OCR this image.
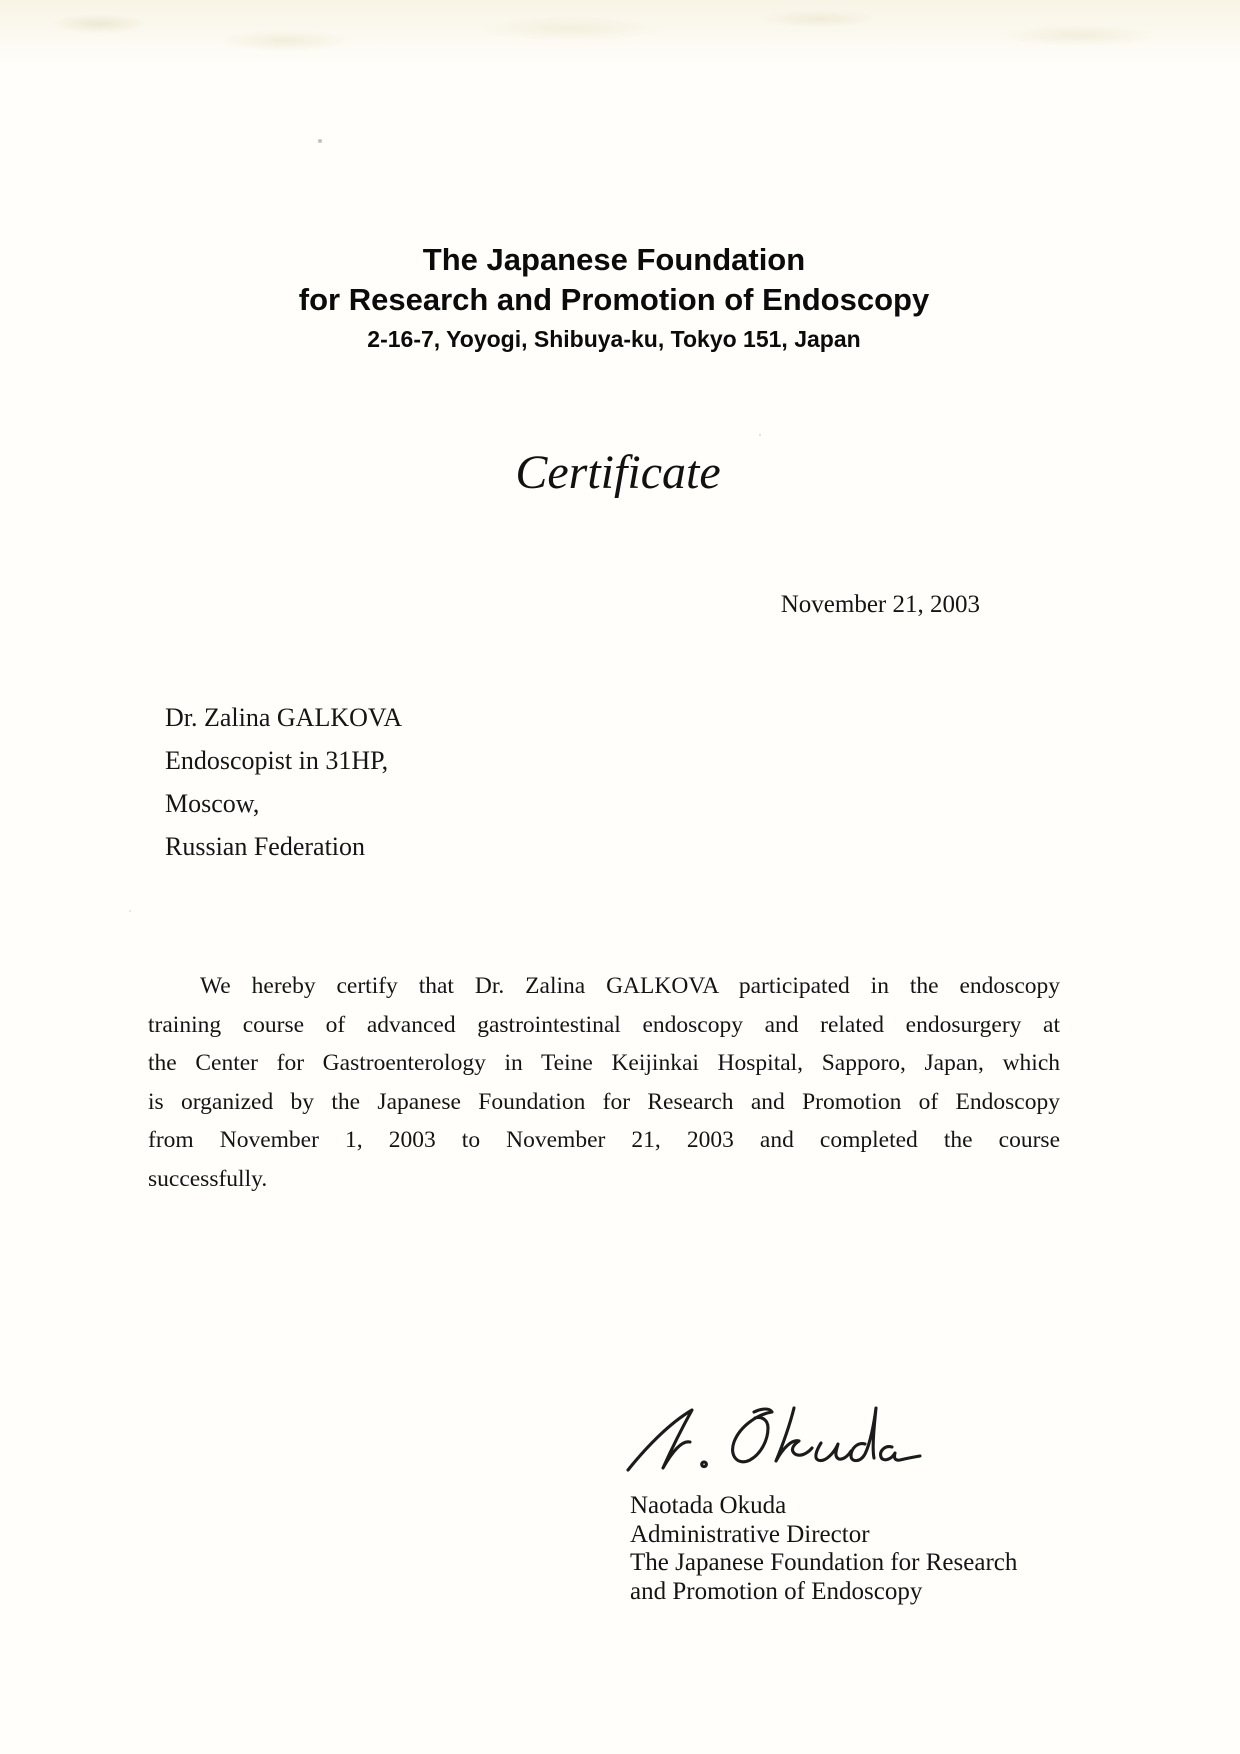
The Japanese Foundation
for Research and Promotion of Endoscopy
2-16-7, Yoyogi, Shibuya-ku, Tokyo 151, Japan
Certificate
November 21, 2003
Dr. Zalina GALKOVA
Endoscopist in 31HP,
Moscow,
Russian Federation
We hereby certify that Dr. Zalina GALKOVA participated in the endoscopy
training course of advanced gastrointestinal endoscopy and related endosurgery at
the Center for Gastroenterology in Teine Keijinkai Hospital, Sapporo, Japan, which
is organized by the Japanese Foundation for Research and Promotion of Endoscopy
from November 1, 2003 to November 21, 2003 and completed the course
successfully.
Naotada Okuda
Administrative Director
The Japanese Foundation for Research
and Promotion of Endoscopy
